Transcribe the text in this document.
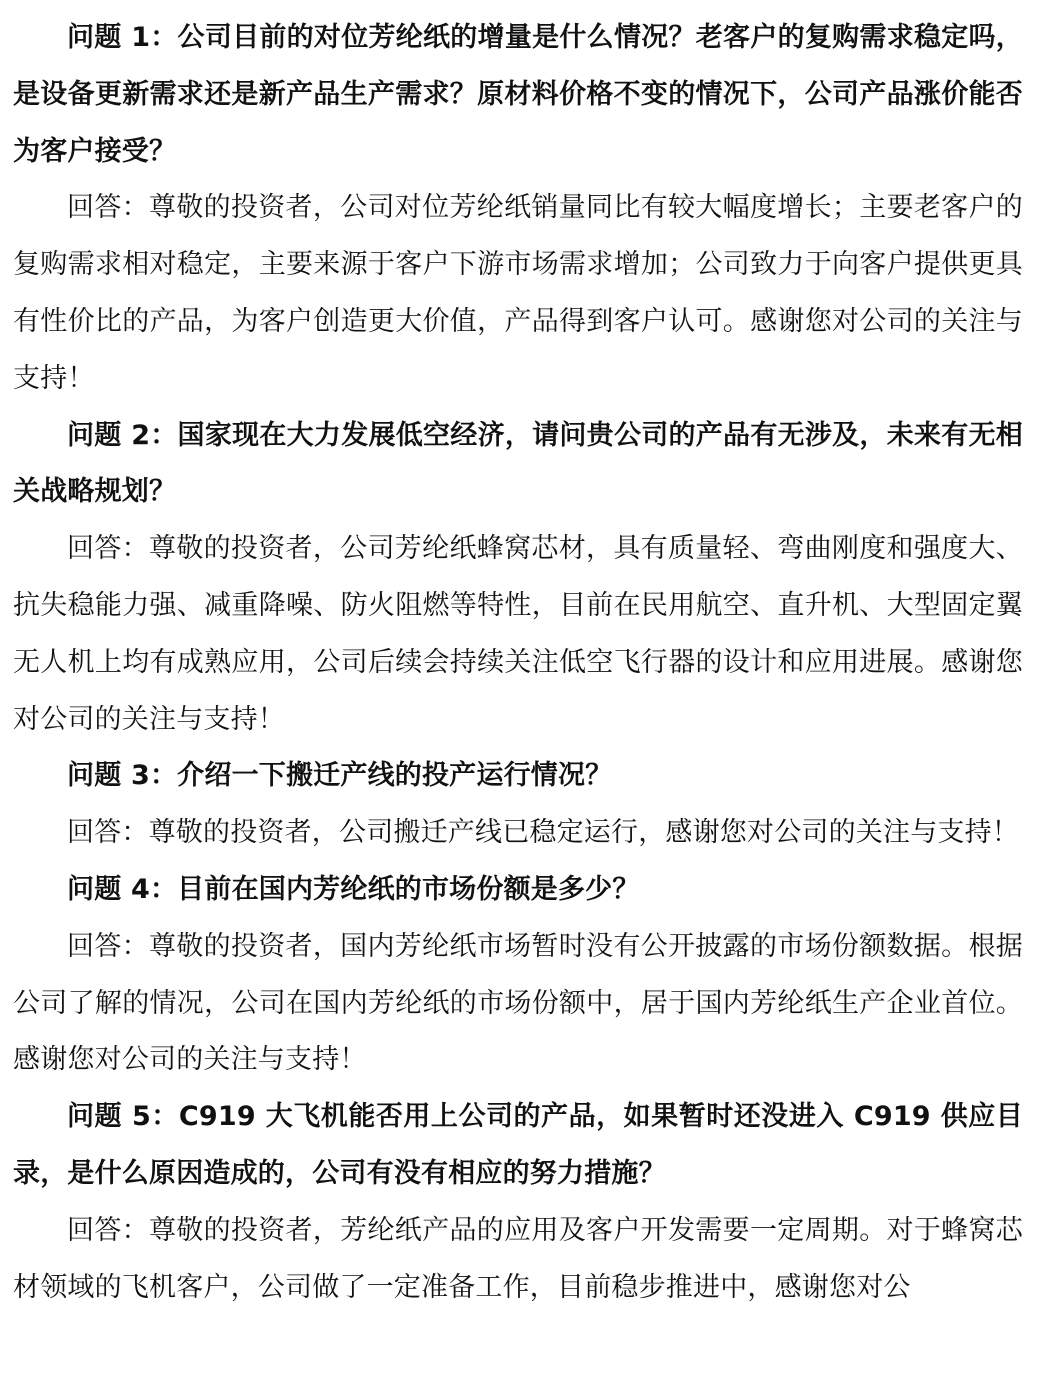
问题 1：公司目前的对位芳纶纸的增量是什么情况？老客户的复购需求稳定吗，是设备更新需求还是新产品生产需求？原材料价格不变的情况下，公司产品涨价能否为客户接受？

回答：尊敬的投资者，公司对位芳纶纸销量同比有较大幅度增长；主要老客户的复购需求相对稳定，主要来源于客户下游市场需求增加；公司致力于向客户提供更具有性价比的产品，为客户创造更大价值，产品得到客户认可。感谢您对公司的关注与支持！

问题 2：国家现在大力发展低空经济，请问贵公司的产品有无涉及，未来有无相关战略规划？

回答：尊敬的投资者，公司芳纶纸蜂窝芯材，具有质量轻、弯曲刚度和强度大、抗失稳能力强、减重降噪、防火阻燃等特性，目前在民用航空、直升机、大型固定翼无人机上均有成熟应用，公司后续会持续关注低空飞行器的设计和应用进展。感谢您对公司的关注与支持！

问题 3：介绍一下搬迁产线的投产运行情况？

回答：尊敬的投资者，公司搬迁产线已稳定运行，感谢您对公司的关注与支持！

问题 4：目前在国内芳纶纸的市场份额是多少？

回答：尊敬的投资者，国内芳纶纸市场暂时没有公开披露的市场份额数据。根据公司了解的情况，公司在国内芳纶纸的市场份额中，居于国内芳纶纸生产企业首位。感谢您对公司的关注与支持！

问题 5：C919 大飞机能否用上公司的产品，如果暂时还没进入 C919 供应目录，是什么原因造成的，公司有没有相应的努力措施？

回答：尊敬的投资者，芳纶纸产品的应用及客户开发需要一定周期。对于蜂窝芯材领域的飞机客户，公司做了一定准备工作，目前稳步推进中，感谢您对公
